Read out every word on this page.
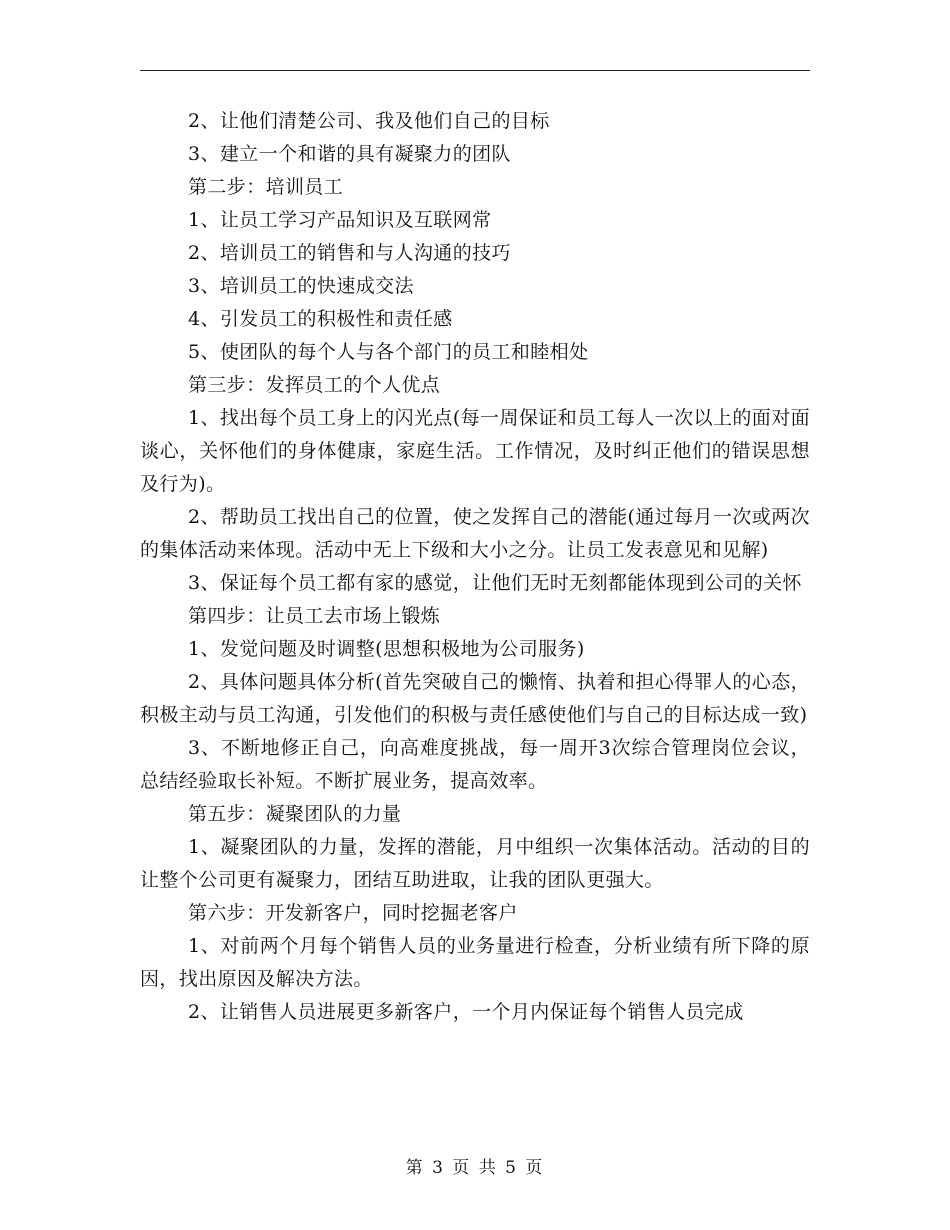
2、让他们清楚公司、我及他们自己的目标

3、建立一个和谐的具有凝聚力的团队

第二步：培训员工

1、让员工学习产品知识及互联网常

2、培训员工的销售和与人沟通的技巧

3、培训员工的快速成交法

4、引发员工的积极性和责任感

5、使团队的每个人与各个部门的员工和睦相处

第三步：发挥员工的个人优点

1、找出每个员工身上的闪光点(每一周保证和员工每人一次以上的面对面谈心，关怀他们的身体健康，家庭生活。工作情况，及时纠正他们的错误思想及行为)。

2、帮助员工找出自己的位置，使之发挥自己的潜能(通过每月一次或两次的集体活动来体现。活动中无上下级和大小之分。让员工发表意见和见解)

3、保证每个员工都有家的感觉，让他们无时无刻都能体现到公司的关怀

第四步：让员工去市场上锻炼

1、发觉问题及时调整(思想积极地为公司服务)

2、具体问题具体分析(首先突破自己的懒惰、执着和担心得罪人的心态，积极主动与员工沟通，引发他们的积极与责任感使他们与自己的目标达成一致)

3、不断地修正自己，向高难度挑战，每一周开3次综合管理岗位会议，总结经验取长补短。不断扩展业务，提高效率。

第五步：凝聚团队的力量

1、凝聚团队的力量，发挥的潜能，月中组织一次集体活动。活动的目的让整个公司更有凝聚力，团结互助进取，让我的团队更强大。

第六步：开发新客户，同时挖掘老客户

1、对前两个月每个销售人员的业务量进行检查，分析业绩有所下降的原因，找出原因及解决方法。

2、让销售人员进展更多新客户，一个月内保证每个销售人员完成

第 3 页 共 5 页
